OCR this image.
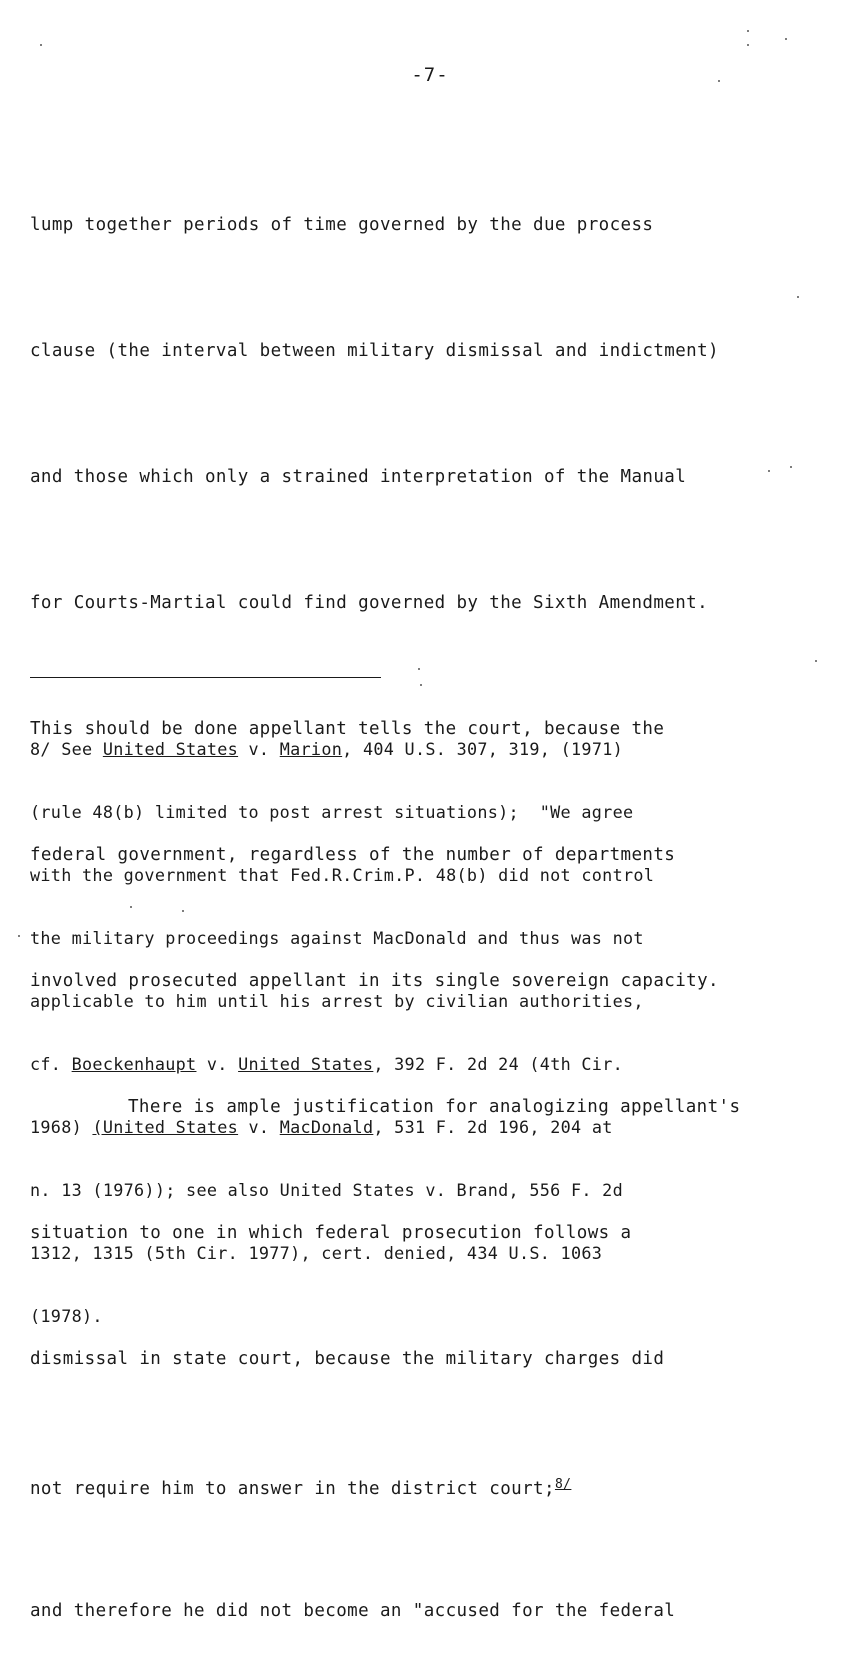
-7-

lump together periods of time governed by the due process

clause (the interval between military dismissal and indictment)

and those which only a strained interpretation of the Manual

for Courts-Martial could find governed by the Sixth Amendment.

This should be done appellant tells the court, because the

federal government, regardless of the number of departments

involved prosecuted appellant in its single sovereign capacity.

There is ample justification for analogizing appellant's

situation to one in which federal prosecution follows a

dismissal in state court, because the military charges did

not require him to answer in the district court;$^{8/}$

and therefore he did not become an "accused for the federal

8/ See United States v. Marion, 404 U.S. 307, 319, (1971)

(rule 48(b) limited to post arrest situations);  "We agree

with the government that Fed.R.Crim.P. 48(b) did not control

the military proceedings against MacDonald and thus was not

applicable to him until his arrest by civilian authorities,

cf. Boeckenhaupt v. United States, 392 F. 2d 24 (4th Cir.

1968) (United States v. MacDonald, 531 F. 2d 196, 204 at

n. 13 (1976)); see also United States v. Brand, 556 F. 2d

1312, 1315 (5th Cir. 1977), cert. denied, 434 U.S. 1063

(1978).
